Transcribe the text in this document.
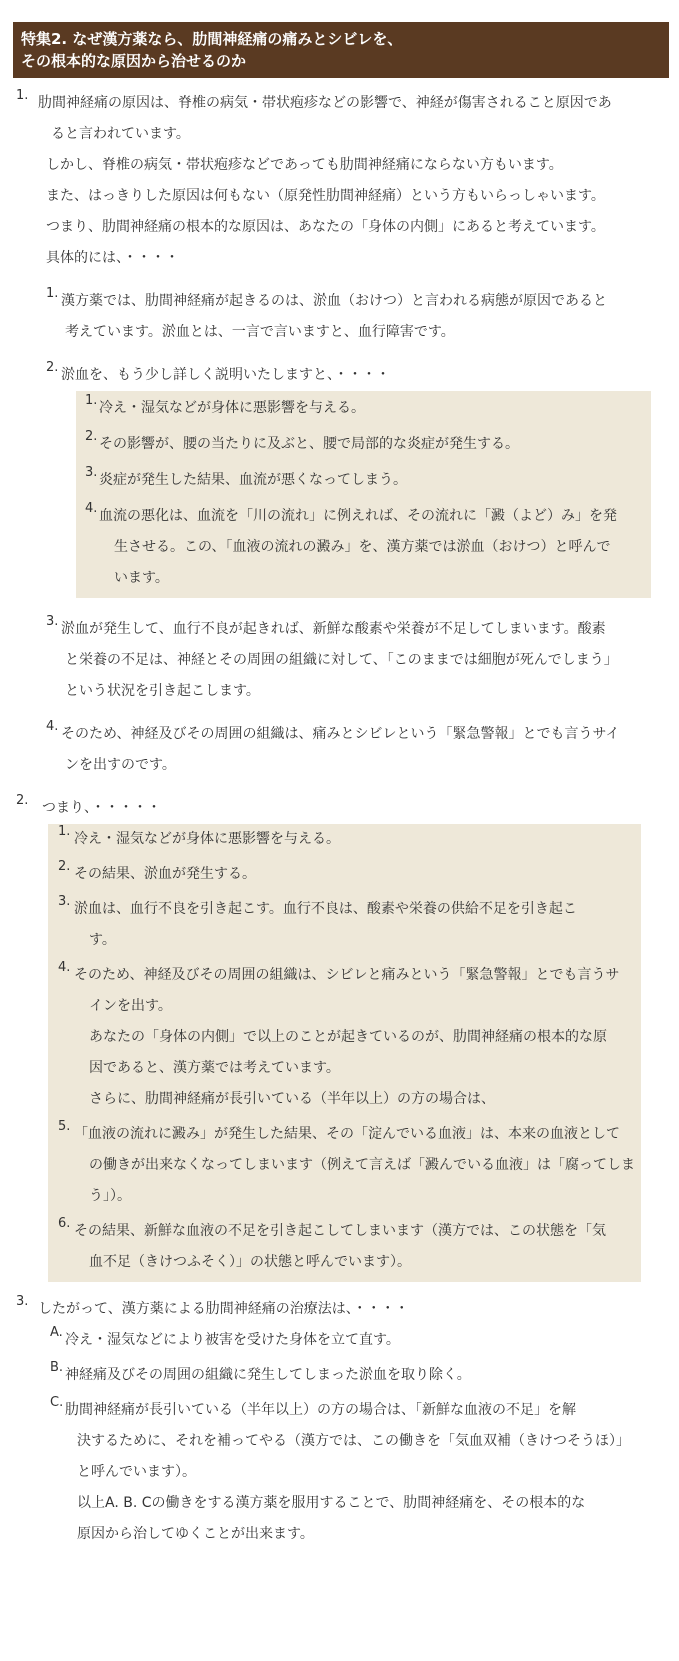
特集2. なぜ漢方薬なら、肋間神経痛の痛みとシビレを、
その根本的な原因から治せるのか
1. 肋間神経痛の原因は、脊椎の病気・帯状疱疹などの影響で、神経が傷害されること原因であ
ると言われています。
しかし、脊椎の病気・帯状疱疹などであっても肋間神経痛にならない方もいます。
また、はっきりした原因は何もない（原発性肋間神経痛）という方もいらっしゃいます。
つまり、肋間神経痛の根本的な原因は、あなたの「身体の内側」にあると考えています。
具体的には、・・・・
1. 漢方薬では、肋間神経痛が起きるのは、淤血（おけつ）と言われる病態が原因であると
考えています。淤血とは、一言で言いますと、血行障害です。
2. 淤血を、もう少し詳しく説明いたしますと、・・・・
1. 冷え・湿気などが身体に悪影響を与える。
2. その影響が、腰の当たりに及ぶと、腰で局部的な炎症が発生する。
3. 炎症が発生した結果、血流が悪くなってしまう。
4. 血流の悪化は、血流を「川の流れ」に例えれば、その流れに「澱（よど）み」を発
生させる。この、「血液の流れの澱み」を、漢方薬では淤血（おけつ）と呼んで
います。
3. 淤血が発生して、血行不良が起きれば、新鮮な酸素や栄養が不足してしまいます。酸素
と栄養の不足は、神経とその周囲の組織に対して、「このままでは細胞が死んでしまう」
という状況を引き起こします。
4. そのため、神経及びその周囲の組織は、痛みとシビレという「緊急警報」とでも言うサイ
ンを出すのです。
2. つまり、・・・・・
1. 冷え・湿気などが身体に悪影響を与える。
2. その結果、淤血が発生する。
3. 淤血は、血行不良を引き起こす。血行不良は、酸素や栄養の供給不足を引き起こ
す。
4. そのため、神経及びその周囲の組織は、シビレと痛みという「緊急警報」とでも言うサ
インを出す。
あなたの「身体の内側」で以上のことが起きているのが、肋間神経痛の根本的な原
因であると、漢方薬では考えています。
さらに、肋間神経痛が長引いている（半年以上）の方の場合は、
5. 「血液の流れに澱み」が発生した結果、その「淀んでいる血液」は、本来の血液として
の働きが出来なくなってしまいます（例えて言えば「澱んでいる血液」は「腐ってしま
う」）。
6. その結果、新鮮な血液の不足を引き起こしてしまいます（漢方では、この状態を「気
血不足（きけつふそく）」の状態と呼んでいます）。
3. したがって、漢方薬による肋間神経痛の治療法は、・・・・
A. 冷え・湿気などにより被害を受けた身体を立て直す。
B. 神経痛及びその周囲の組織に発生してしまった淤血を取り除く。
C. 肋間神経痛が長引いている（半年以上）の方の場合は、「新鮮な血液の不足」を解
決するために、それを補ってやる（漢方では、この働きを「気血双補（きけつそうほ）」
と呼んでいます）。
以上A. B. Cの働きをする漢方薬を服用することで、肋間神経痛を、その根本的な
原因から治してゆくことが出来ます。
